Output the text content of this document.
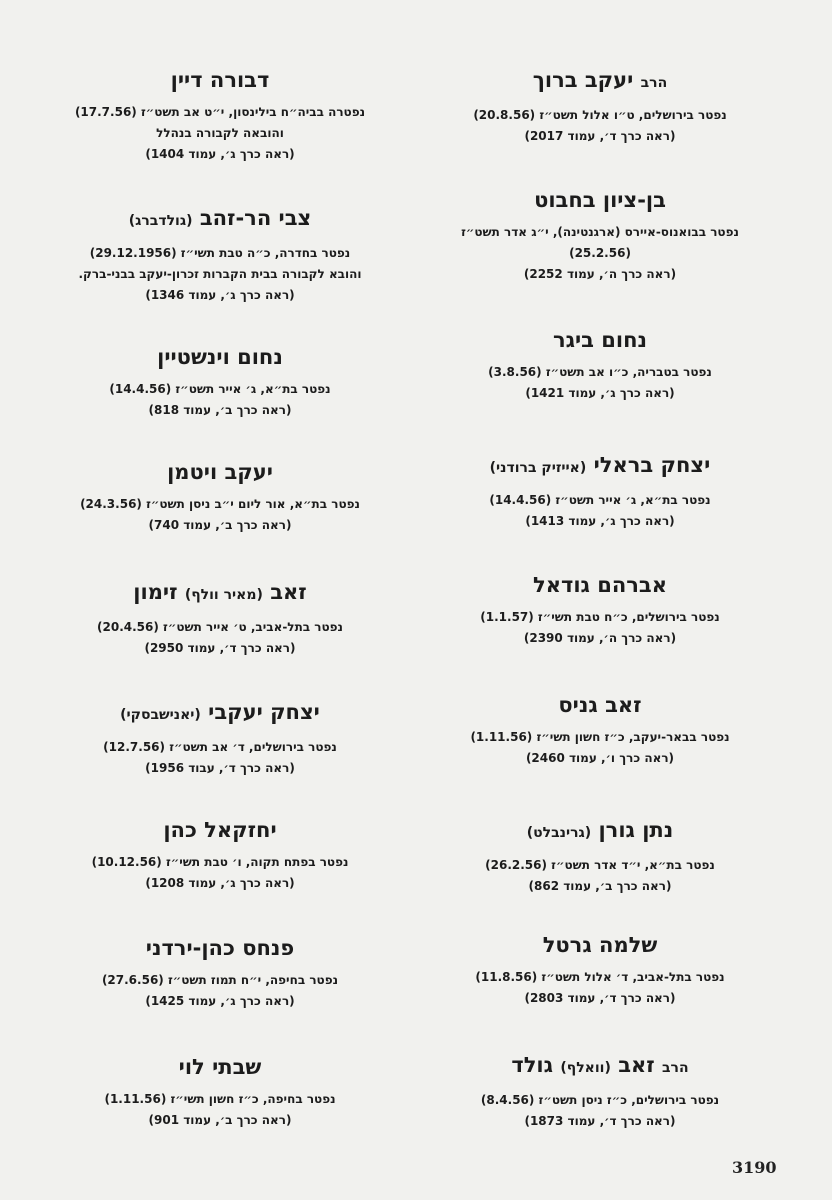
הרב יעקב ברוך
נפטר בירושלים, ט״ו אלול תשט״ז (20.8.56)
(ראה כרך ד׳, עמוד 2017)
בן-ציון בחבוט
נפטר בבואנוס-איירס (ארגנטינה), י״ג אדר תשט״ז
(25.2.56)
(ראה כרך ה׳, עמוד 2252)
נחום ביגר
נפטר בטבריה, כ״ו אב תשט״ז (3.8.56)
(ראה כרך ג׳, עמוד 1421)
יצחק בראלי (אייזיק ברודני)
נפטר בת״א, ג׳ אייר תשט״ז (14.4.56)
(ראה כרך ג׳, עמוד 1413)
אברהם גודאל
נפטר בירושלים, כ״ח טבת תשי״ז (1.1.57)
(ראה כרך ה׳, עמוד 2390)
זאב גניס
נפטר בבאר-יעקב, כ״ז חשון תשי״ז (1.11.56)
(ראה כרך ו׳, עמוד 2460)
נתן גורן (גרינבלט)
נפטר בת״א, י״ד אדר תשט״ז (26.2.56)
(ראה כרך ב׳, עמוד 862)
שלמה גרטל
נפטר בתל-אביב, ד׳ אלול תשט״ז (11.8.56)
(ראה כרך ד׳, עמוד 2803)
הרב זאב (וואלף) גולד
נפטר בירושלים, כ״ז ניסן תשט״ז (8.4.56)
(ראה כרך ד׳, עמוד 1873)
דבורה דיין
נפטרה בביה״ח בילינסון, י״ט אב תשט״ז (17.7.56)
והובאה לקבורה בנהלל
(ראה כרך ג׳, עמוד 1404)
צבי הר-זהב (גולדברג)
נפטר בחדרה, כ״ה טבת תשי״ז (29.12.1956)
והובא לקבורה בבית הקברות זכרון-יעקב בבני-ברק.
(ראה כרך ג׳, עמוד 1346)
נחום וינשטיין
נפטר בת״א, ג׳ אייר תשט״ז (14.4.56)
(ראה כרך ב׳, עמוד 818)
יעקב ויטמן
נפטר בת״א, אור ליום י״ב ניסן תשט״ז (24.3.56)
(ראה כרך ב׳, עמוד 740)
זאב (מאיר וולף) זימון
נפטר בתל-אביב, ט׳ אייר תשט״ז (20.4.56)
(ראה כרך ד׳, עמוד 2950)
יצחק יעקבי (יאנישבסקי)
נפטר בירושלים, ד׳ אב תשט״ז (12.7.56)
(ראה כרך ד׳, עבוד 1956)
יחזקאל כהן
נפטר בפתח תקוה, ו׳ טבת תשי״ז (10.12.56)
(ראה כרך ג׳, עמוד 1208)
פנחס כהן-ירדני
נפטר בחיפה, י״ח תמוז תשט״ז (27.6.56)
(ראה כרך ג׳, עמוד 1425)
שבתי לוי
נפטר בחיפה, כ״ז חשון תשי״ז (1.11.56)
(ראה כרך ב׳, עמוד 901)
3190
